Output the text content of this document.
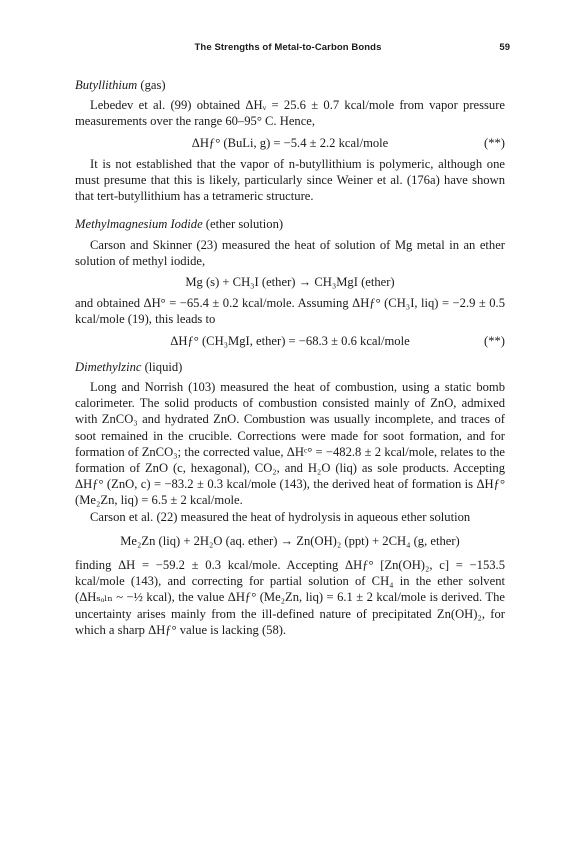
The Strengths of Metal-to-Carbon Bonds	59

Butyllithium (gas)

Lebedev et al. (99) obtained ΔHᵥ = 25.6 ± 0.7 kcal/mole from vapor pressure measurements over the range 60–95° C. Hence,

ΔHƒ° (BuLi, g) = −5.4 ± 2.2 kcal/mole	(**)

It is not established that the vapor of n-butyllithium is polymeric, although one must presume that this is likely, particularly since Weiner et al. (176a) have shown that tert-butyllithium has a tetrameric structure.

Methylmagnesium Iodide (ether solution)

Carson and Skinner (23) measured the heat of solution of Mg metal in an ether solution of methyl iodide,

Mg (s) + CH₃I (ether) → CH₃MgI (ether)

and obtained ΔH° = −65.4 ± 0.2 kcal/mole. Assuming ΔHƒ° (CH₃I, liq) = −2.9 ± 0.5 kcal/mole (19), this leads to

ΔHƒ° (CH₃MgI, ether) = −68.3 ± 0.6 kcal/mole	(**)

Dimethylzinc (liquid)

Long and Norrish (103) measured the heat of combustion, using a static bomb calorimeter. The solid products of combustion consisted mainly of ZnO, admixed with ZnCO₃ and hydrated ZnO. Combustion was usually incomplete, and traces of soot remained in the crucible. Corrections were made for soot formation, and for formation of ZnCO₃; the corrected value, ΔHᶜ° = −482.8 ± 2 kcal/mole, relates to the formation of ZnO (c, hexagonal), CO₂, and H₂O (liq) as sole products. Accepting ΔHƒ° (ZnO, c) = −83.2 ± 0.3 kcal/mole (143), the derived heat of formation is ΔHƒ° (Me₂Zn, liq) = 6.5 ± 2 kcal/mole.

Carson et al. (22) measured the heat of hydrolysis in aqueous ether solution

Me₂Zn (liq) + 2H₂O (aq. ether) → Zn(OH)₂ (ppt) + 2CH₄ (g, ether)

finding ΔH = −59.2 ± 0.3 kcal/mole. Accepting ΔHƒ° [Zn(OH)₂, c] = −153.5 kcal/mole (143), and correcting for partial solution of CH₄ in the ether solvent (ΔHₛₒₗₙ ~ −½ kcal), the value ΔHƒ° (Me₂Zn, liq) = 6.1 ± 2 kcal/mole is derived. The uncertainty arises mainly from the ill-defined nature of precipitated Zn(OH)₂, for which a sharp ΔHƒ° value is lacking (58).
